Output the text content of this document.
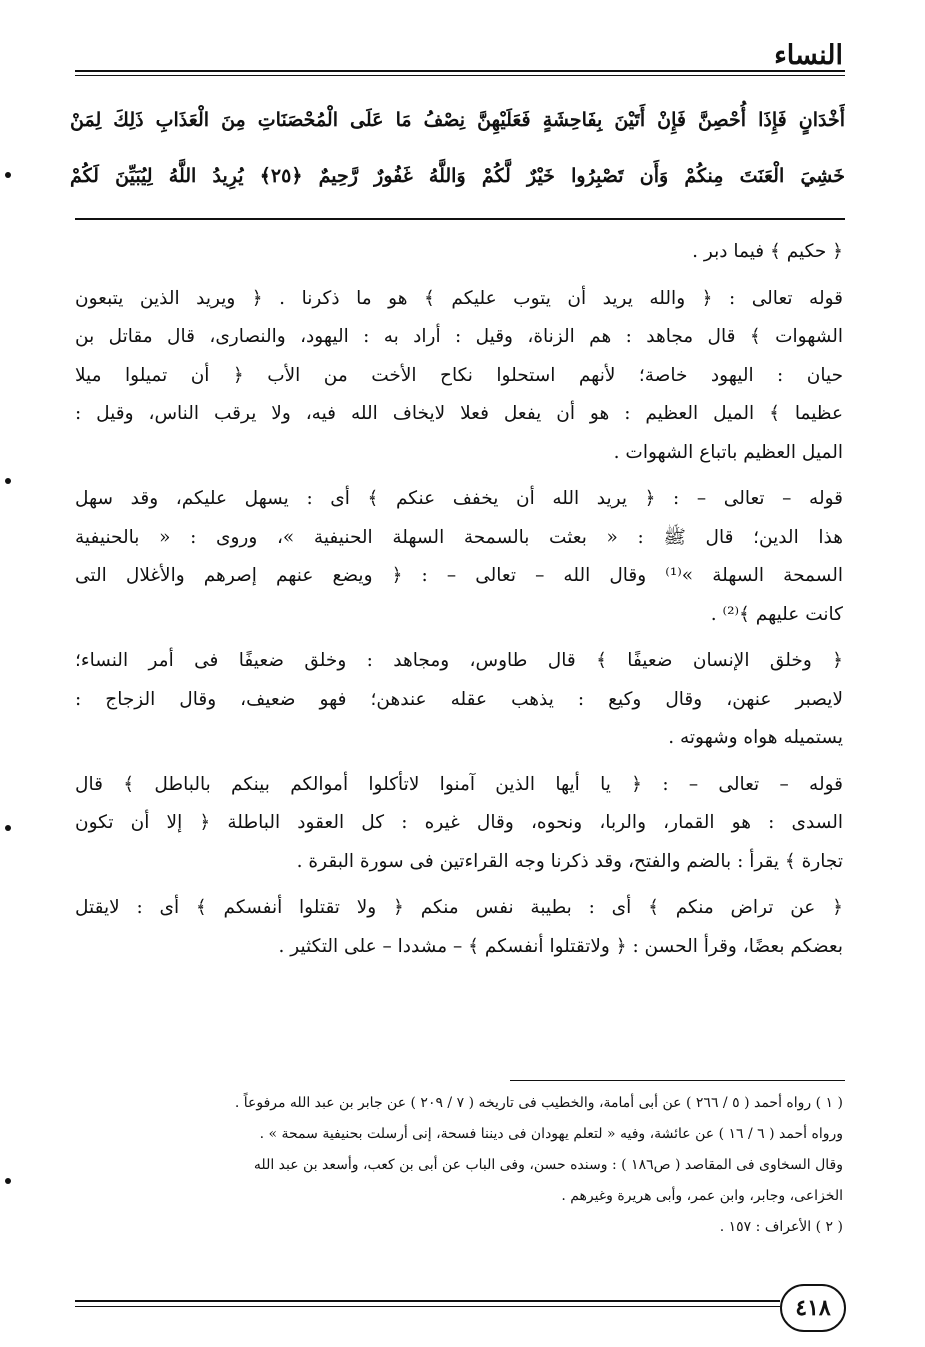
النساء
أَخْدَانٍ فَإِذَا أُحْصِنَّ فَإِنْ أَتَيْنَ بِفَاحِشَةٍ فَعَلَيْهِنَّ نِصْفُ مَا عَلَى الْمُحْصَنَاتِ مِنَ الْعَذَابِ ذَلِكَ لِمَنْ
خَشِيَ الْعَنَتَ مِنكُمْ وَأَن تَصْبِرُوا خَيْرٌ لَّكُمْ وَاللَّهُ غَفُورٌ رَّحِيمٌ ﴿٢٥﴾ يُرِيدُ اللَّهُ لِيُبَيِّنَ لَكُمْ
﴿ حكيم ﴾ فيما دبر .
قوله تعالى : ﴿ والله يريد أن يتوب عليكم ﴾ هو ما ذكرنا . ﴿ ويريد الذين يتبعون
الشهوات ﴾ قال مجاهد : هم الزناة، وقيل : أراد به : اليهود، والنصارى، قال مقاتل بن
حيان : اليهود خاصة؛ لأنهم استحلوا نكاح الأخت من الأب ﴿ أن تميلوا ميلا
عظيما ﴾ الميل العظيم : هو أن يفعل فعلا لايخاف الله فيه، ولا يرقب الناس، وقيل :
الميل العظيم باتباع الشهوات .
قوله – تعالى – : ﴿ يريد الله أن يخفف عنكم ﴾ أى : يسهل عليكم، وقد سهل
هذا الدين؛ قال ﷺ : « بعثت بالسمحة السهلة الحنيفية »، وروى : « بالحنيفية
السمحة السهلة »⁽¹⁾ وقال الله – تعالى – : ﴿ ويضع عنهم إصرهم والأغلال التى
كانت عليهم ﴾⁽²⁾ .
﴿ وخلق الإنسان ضعيفًا ﴾ قال طاوس، ومجاهد : وخلق ضعيفًا فى أمر النساء؛
لايصبر عنهن، وقال وكيع : يذهب عقله عندهن؛ فهو ضعيف، وقال الزجاج :
يستميله هواه وشهوته .
قوله – تعالى – : ﴿ يا أيها الذين آمنوا لاتأكلوا أموالكم بينكم بالباطل ﴾ قال
السدى : هو القمار، والربا، ونحوه، وقال غيره : كل العقود الباطلة ﴿ إلا أن تكون
تجارة ﴾ يقرأ : بالضم والفتح، وقد ذكرنا وجه القراءتين فى سورة البقرة .
﴿ عن تراض منكم ﴾ أى : بطيبة نفس منكم ﴿ ولا تقتلوا أنفسكم ﴾ أى : لايقتل
بعضكم بعضًا، وقرأ الحسن : ﴿ ولاتقتلوا أنفسكم ﴾ – مشددا – على التكثير .
( ١ ) رواه أحمد ( ٥ / ٢٦٦ ) عن أبى أمامة، والخطيب فى تاريخه ( ٧ / ٢٠٩ ) عن جابر بن عبد الله مرفوعاً .
ورواه أحمد ( ٦ / ١٦ ) عن عائشة، وفيه « لتعلم يهودان فى ديننا فسحة، إنى أرسلت بحنيفية سمحة » .
وقال السخاوى فى المقاصد ( ص١٨٦ ) : وسنده حسن، وفى الباب عن أبى بن كعب، وأسعد بن عبد الله
الخزاعى، وجابر، وابن عمر، وأبى هريرة وغيرهم .
( ٢ ) الأعراف : ١٥٧ .
٤١٨
